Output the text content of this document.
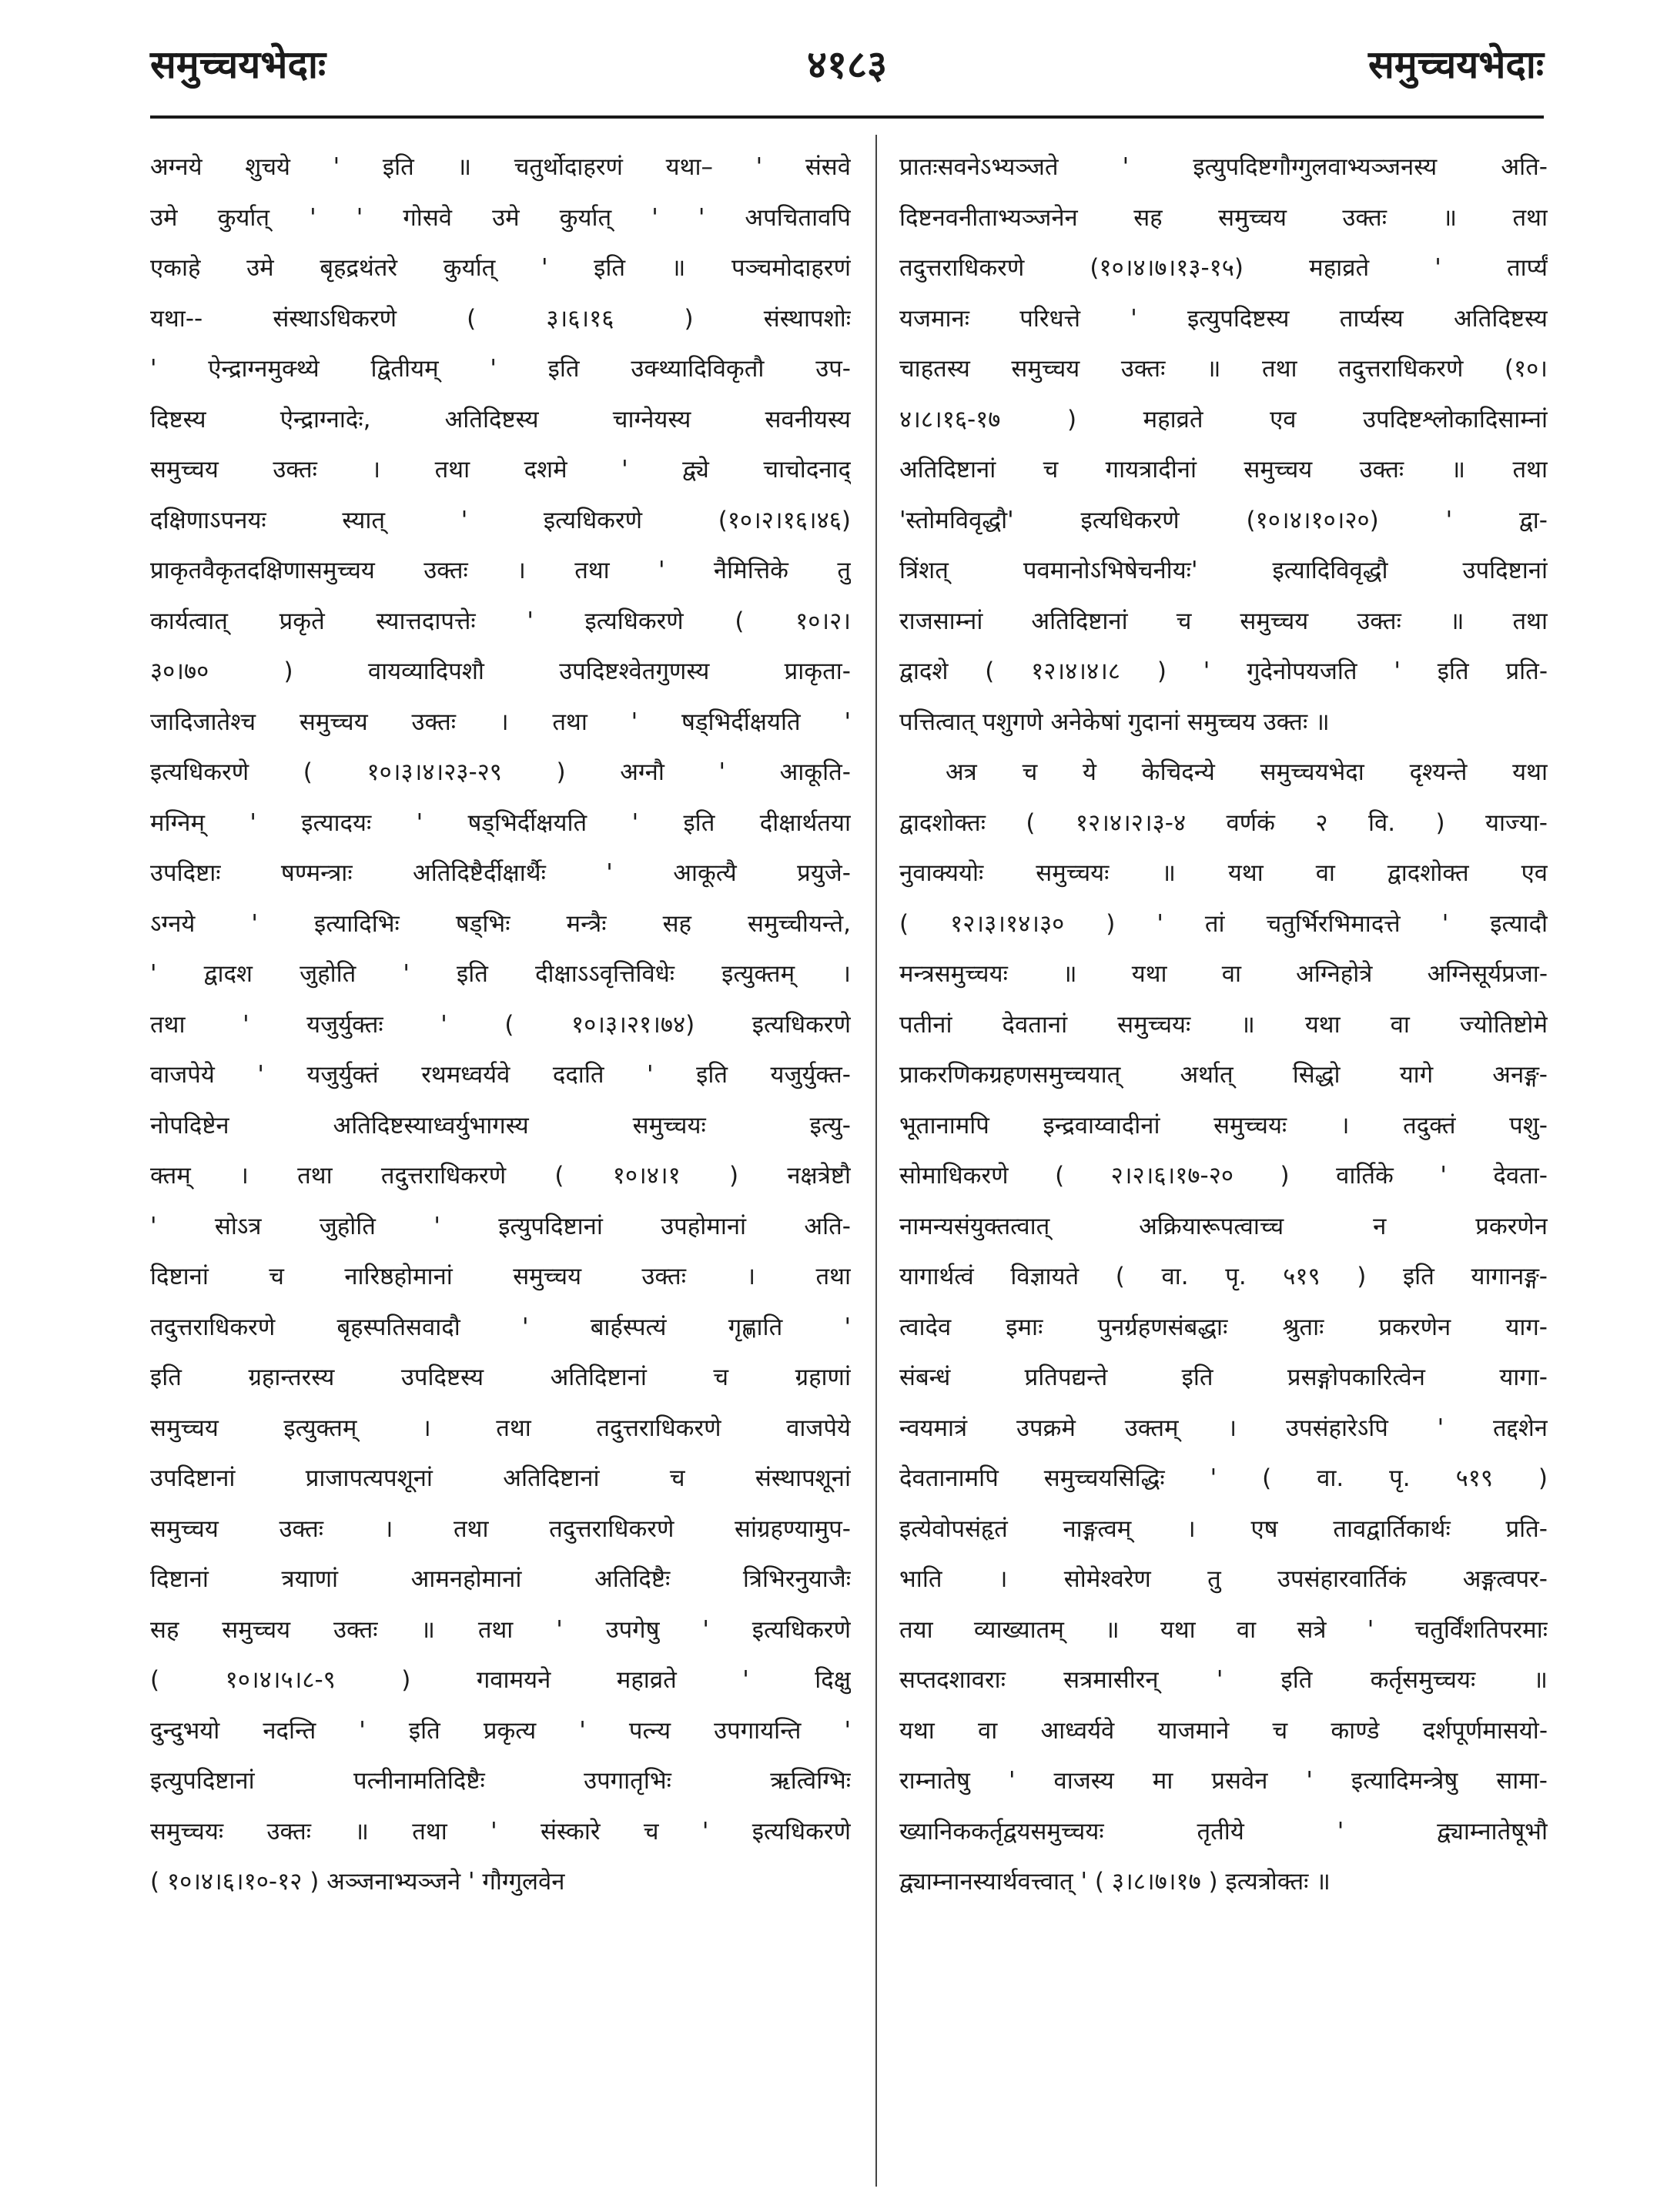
समुच्चयभेदाः	४१८३	समुच्चयभेदाः
अग्नये शुचये ' इति ॥ चतुर्थोदाहरणं यथा– ' संसवे
उमे कुर्यात् ' ' गोसवे उमे कुर्यात् ' ' अपचितावपि
एकाहे उमे बृहद्रथंतरे कुर्यात् ' इति ॥ पञ्चमोदाहरणं
यथा-- संस्थाऽधिकरणे ( ३।६।१६ ) संस्थापशोः
' ऐन्द्राग्नमुक्थ्ये द्वितीयम् ' इति उक्थ्यादिविकृतौ उप-
दिष्टस्य ऐन्द्राग्नादेः, अतिदिष्टस्य चाग्नेयस्य सवनीयस्य
समुच्चय उक्तः । तथा दशमे ' द्व्येे चाचोदनाद्
दक्षिणाऽपनयः स्यात् ' इत्यधिकरणे (१०।२।१६।४६)
प्राकृतवैकृतदक्षिणासमुच्चय उक्तः । तथा ' नैमित्तिके तु
कार्यत्वात् प्रकृते स्यात्तदापत्तेः ' इत्यधिकरणे ( १०।२।
३०।७० ) वायव्यादिपशौ उपदिष्टश्वेतगुणस्य प्राकृता-
जादिजातेश्च समुच्चय उक्तः । तथा ' षड्भिर्दीक्षयति '
इत्यधिकरणे ( १०।३।४।२३-२९ ) अग्नौ ' आकूति-
मग्निम् ' इत्यादयः ' षड्भिर्दीक्षयति ' इति दीक्षार्थतया
उपदिष्टाः षण्मन्त्राः अतिदिष्टैर्दीक्षार्थैः ' आकूत्यै प्रयुजे-
ऽग्नये ' इत्यादिभिः षड्भिः मन्त्रैः सह समुच्चीयन्ते,
' द्वादश जुहोति ' इति दीक्षाऽऽवृत्तिविधेः इत्युक्तम् ।
तथा ' यजुर्युक्तः ' ( १०।३।२१।७४) इत्यधिकरणे
वाजपेये ' यजुर्युक्तं रथमध्वर्यवे ददाति ' इति यजुर्युक्त-
नोपदिष्टेन अतिदिष्टस्याध्वर्युभागस्य समुच्चयः इत्यु-
क्तम् । तथा तदुत्तराधिकरणे ( १०।४।१ ) नक्षत्रेष्टौ
' सोऽत्र जुहोति ' इत्युपदिष्टानां उपहोमानां अति-
दिष्टानां च नारिष्ठहोमानां समुच्चय उक्तः । तथा
तदुत्तराधिकरणे बृहस्पतिसवादौ ' बार्हस्पत्यं गृह्णाति '
इति ग्रहान्तरस्य उपदिष्टस्य अतिदिष्टानां च ग्रहाणां
समुच्चय इत्युक्तम् । तथा तदुत्तराधिकरणे वाजपेये
उपदिष्टानां प्राजापत्यपशूनां अतिदिष्टानां च संस्थापशूनां
समुच्चय उक्तः । तथा तदुत्तराधिकरणे सांग्रहण्यामुप-
दिष्टानां त्रयाणां आमनहोमानां अतिदिष्टैः त्रिभिरनुयाजैः
सह समुच्चय उक्तः ॥ तथा ' उपगेषु ' इत्यधिकरणे
( १०।४।५।८-९ ) गवामयने महाव्रते ' दिक्षु
दुन्दुभयो नदन्ति ' इति प्रकृत्य ' पत्न्य उपगायन्ति '
इत्युपदिष्टानां पत्नीनामतिदिष्टैः उपगातृभिः ऋत्विग्भिः
समुच्चयः उक्तः ॥ तथा ' संस्कारे च ' इत्यधिकरणे
( १०।४।६।१०-१२ ) अञ्जनाभ्यञ्जने ' गौग्गुलवेन
प्रातःसवनेऽभ्यञ्जते ' इत्युपदिष्टगौग्गुलवाभ्यञ्जनस्य अति-
दिष्टनवनीताभ्यञ्जनेन सह समुच्चय उक्तः ॥ तथा
तदुत्तराधिकरणे (१०।४।७।१३-१५) महाव्रते ' तार्प्यं
यजमानः परिधत्ते ' इत्युपदिष्टस्य तार्प्यस्य अतिदिष्टस्य
चाहतस्य समुच्चय उक्तः ॥ तथा तदुत्तराधिकरणे (१०।
४।८।१६-१७ ) महाव्रते एव उपदिष्टश्लोकादिसाम्नां
अतिदिष्टानां च गायत्रादीनां समुच्चय उक्तः ॥ तथा
'स्तोमविवृद्धौ' इत्यधिकरणे (१०।४।१०।२०) ' द्वा-
त्रिंशत् पवमानोऽभिषेचनीयः' इत्यादिविवृद्धौ उपदिष्टानां
राजसाम्नां अतिदिष्टानां च समुच्चय उक्तः ॥ तथा
द्वादशे ( १२।४।४।८ ) ' गुदेनोपयजति ' इति प्रति-
पत्तित्वात् पशुगणे अनेकेषां गुदानां समुच्चय उक्तः ॥
अत्र च ये केचिदन्ये समुच्चयभेदा दृश्यन्ते यथा
द्वादशोक्तः ( १२।४।२।३-४ वर्णकं २ वि. ) याज्या-
नुवाक्ययोः समुच्चयः ॥ यथा वा द्वादशोक्त एव
( १२।३।१४।३० ) ' तां चतुर्भिरभिमादत्ते ' इत्यादौ
मन्त्रसमुच्चयः ॥ यथा वा अग्निहोत्रे अग्निसूर्यप्रजा-
पतीनां देवतानां समुच्चयः ॥ यथा वा ज्योतिष्टोमे
प्राकरणिकग्रहणसमुच्चयात् अर्थात् सिद्धो यागे अनङ्ग-
भूतानामपि इन्द्रवाय्वादीनां समुच्चयः । तदुक्तं पशु-
सोमाधिकरणे ( २।२।६।१७-२० ) वार्तिके ' देवता-
नामन्यसंयुक्तत्वात् अक्रियारूपत्वाच्च न प्रकरणेन
यागार्थत्वं विज्ञायते ( वा. पृ. ५१९ ) इति यागानङ्ग-
त्वादेव इमाः पुनर्ग्रहणसंबद्धाः श्रुताः प्रकरणेन याग-
संबन्धं प्रतिपद्यन्ते इति प्रसङ्गोपकारित्वेन यागा-
न्वयमात्रं उपक्रमे उक्तम् । उपसंहारेऽपि ' तद्दशेन
देवतानामपि समुच्चयसिद्धिः ' ( वा. पृ. ५१९ )
इत्येवोपसंहृतं नाङ्गत्वम् । एष तावद्वार्तिकार्थः प्रति-
भाति । सोमेश्वरेण तु उपसंहारवार्तिकं अङ्गत्वपर-
तया व्याख्यातम् ॥ यथा वा सत्रे ' चतुर्विंशतिपरमाः
सप्तदशावराः सत्रमासीरन् ' इति कर्तृसमुच्चयः ॥
यथा वा आध्वर्यवे याजमाने च काण्डे दर्शपूर्णमासयो-
राम्नातेषु ' वाजस्य मा प्रसवेन ' इत्यादिमन्त्रेषु सामा-
ख्यानिककर्तृद्वयसमुच्चयः तृतीये ' द्व्याम्नातेषूभौ
द्व्याम्नानस्यार्थवत्त्वात् ' ( ३।८।७।१७ ) इत्यत्रोक्तः ॥
